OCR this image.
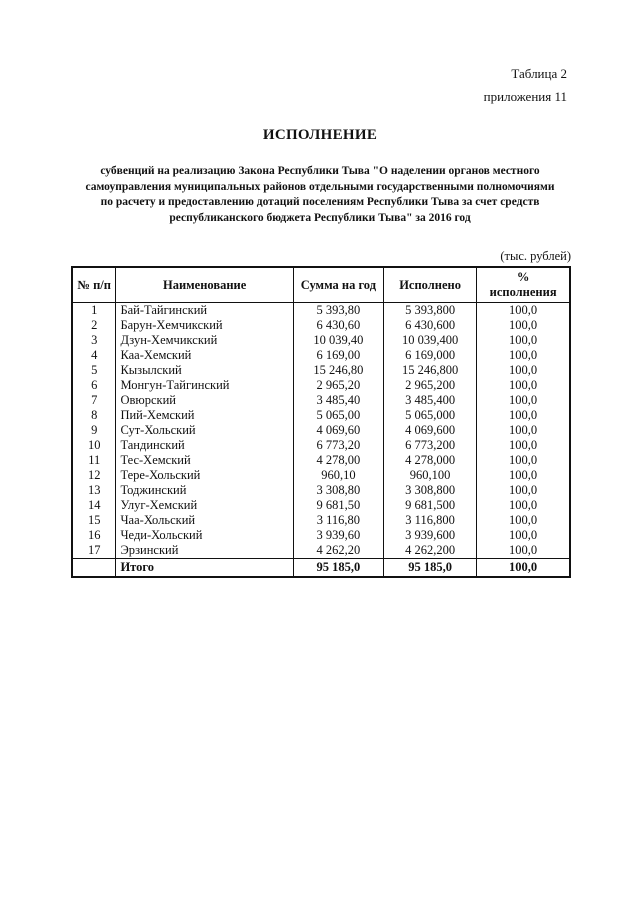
Таблица 2
приложения 11
ИСПОЛНЕНИЕ
субвенций на реализацию Закона Республики Тыва "О наделении органов местного
самоуправления муниципальных районов отдельными государственными полномочиями
по расчету и предоставлению дотаций поселениям Республики Тыва за счет средств
республиканского бюджета Республики Тыва" за 2016 год
(тыс. рублей)
№ п/п	Наименование	Сумма на год	Исполнено	%
исполнения

1	Бай-Тайгинский	5 393,80	5 393,800	100,0
2	Барун-Хемчикский	6 430,60	6 430,600	100,0
3	Дзун-Хемчикский	10 039,40	10 039,400	100,0
4	Каа-Хемский	6 169,00	6 169,000	100,0
5	Кызылский	15 246,80	15 246,800	100,0
6	Монгун-Тайгинский	2 965,20	2 965,200	100,0
7	Овюрский	3 485,40	3 485,400	100,0
8	Пий-Хемский	5 065,00	5 065,000	100,0
9	Сут-Хольский	4 069,60	4 069,600	100,0
10	Тандинский	6 773,20	6 773,200	100,0
11	Тес-Хемский	4 278,00	4 278,000	100,0
12	Тере-Хольский	960,10	960,100	100,0
13	Тоджинский	3 308,80	3 308,800	100,0
14	Улуг-Хемский	9 681,50	9 681,500	100,0
15	Чаа-Хольский	3 116,80	3 116,800	100,0
16	Чеди-Хольский	3 939,60	3 939,600	100,0
17	Эрзинский	4 262,20	4 262,200	100,0
	Итого	95 185,0	95 185,0	100,0
